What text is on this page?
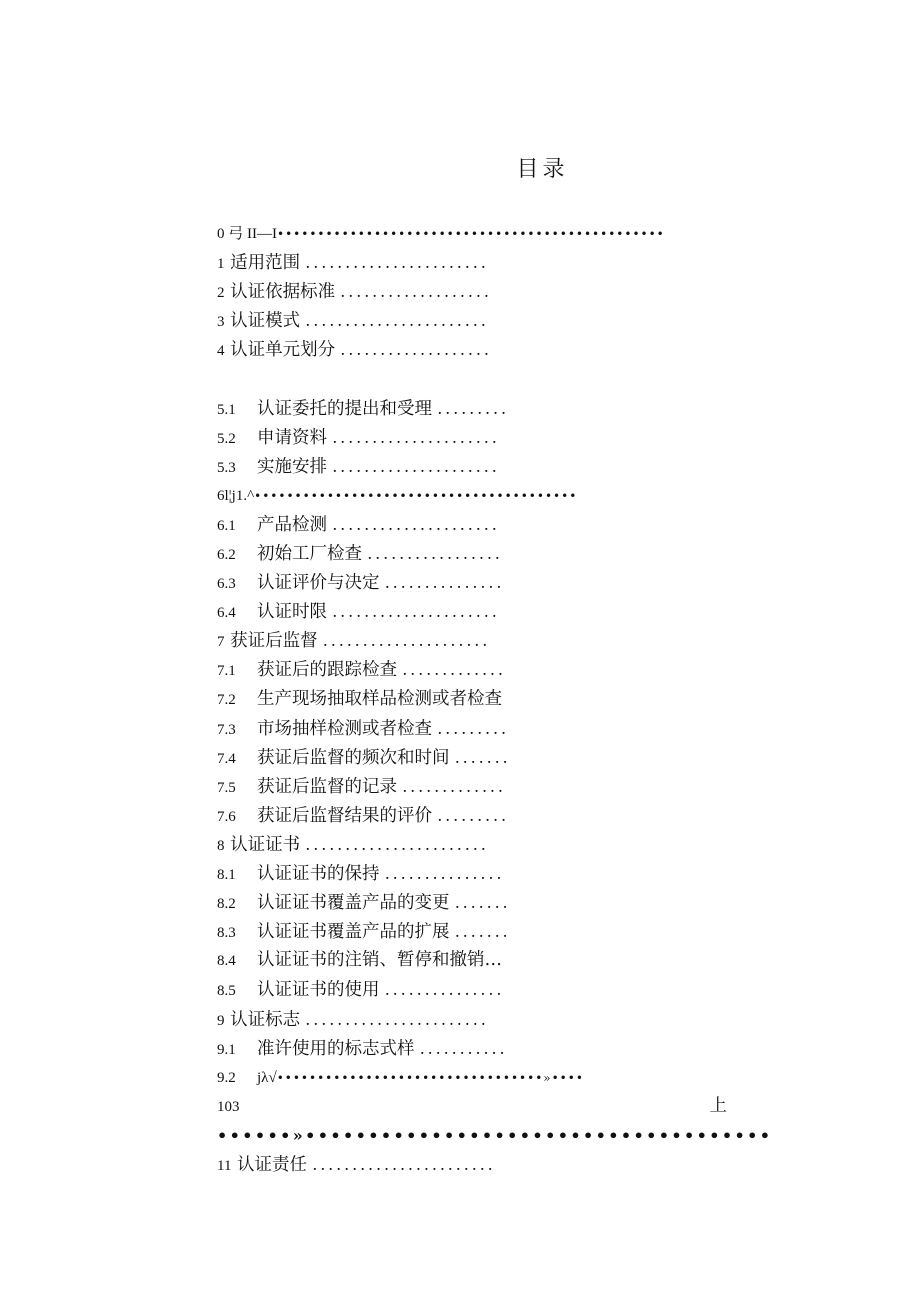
目录
0 弓 II—I••••••••••••••••••••••••••••••••••••••••••••••••
1 适用范围 .......................
2 认证依据标准 ...................
3 认证模式 .......................
4 认证单元划分 ...................
5.1 认证委托的提出和受理 .........
5.2 申请资料 .....................
5.3 实施安排 .....................
6l¦j1.^••••••••••••••••••••••••••••••••••••••••
6.1 产品检测 .....................
6.2 初始工厂检查 .................
6.3 认证评价与决定 ...............
6.4 认证时限 .....................
7 获证后监督 .....................
7.1 获证后的跟踪检查 .............
7.2 生产现场抽取样品检测或者检查
7.3 市场抽样检测或者检查 .........
7.4 获证后监督的频次和时间 .......
7.5 获证后监督的记录 .............
7.6 获证后监督结果的评价 .........
8 认证证书 .......................
8.1 认证证书的保持 ...............
8.2 认证证书覆盖产品的变更 .......
8.3 认证证书覆盖产品的扩展 .......
8.4 认证证书的注销、暂停和撤销…
8.5 认证证书的使用 ...............
9 认证标志 .......................
9.1 准许使用的标志式样 ...........
9.2 jλ√•••••••••••••••••••••••••••••••••»••••
103	上
••••••»•••••••••••••••••••••••••••••••••••••
11 认证责任 .......................
